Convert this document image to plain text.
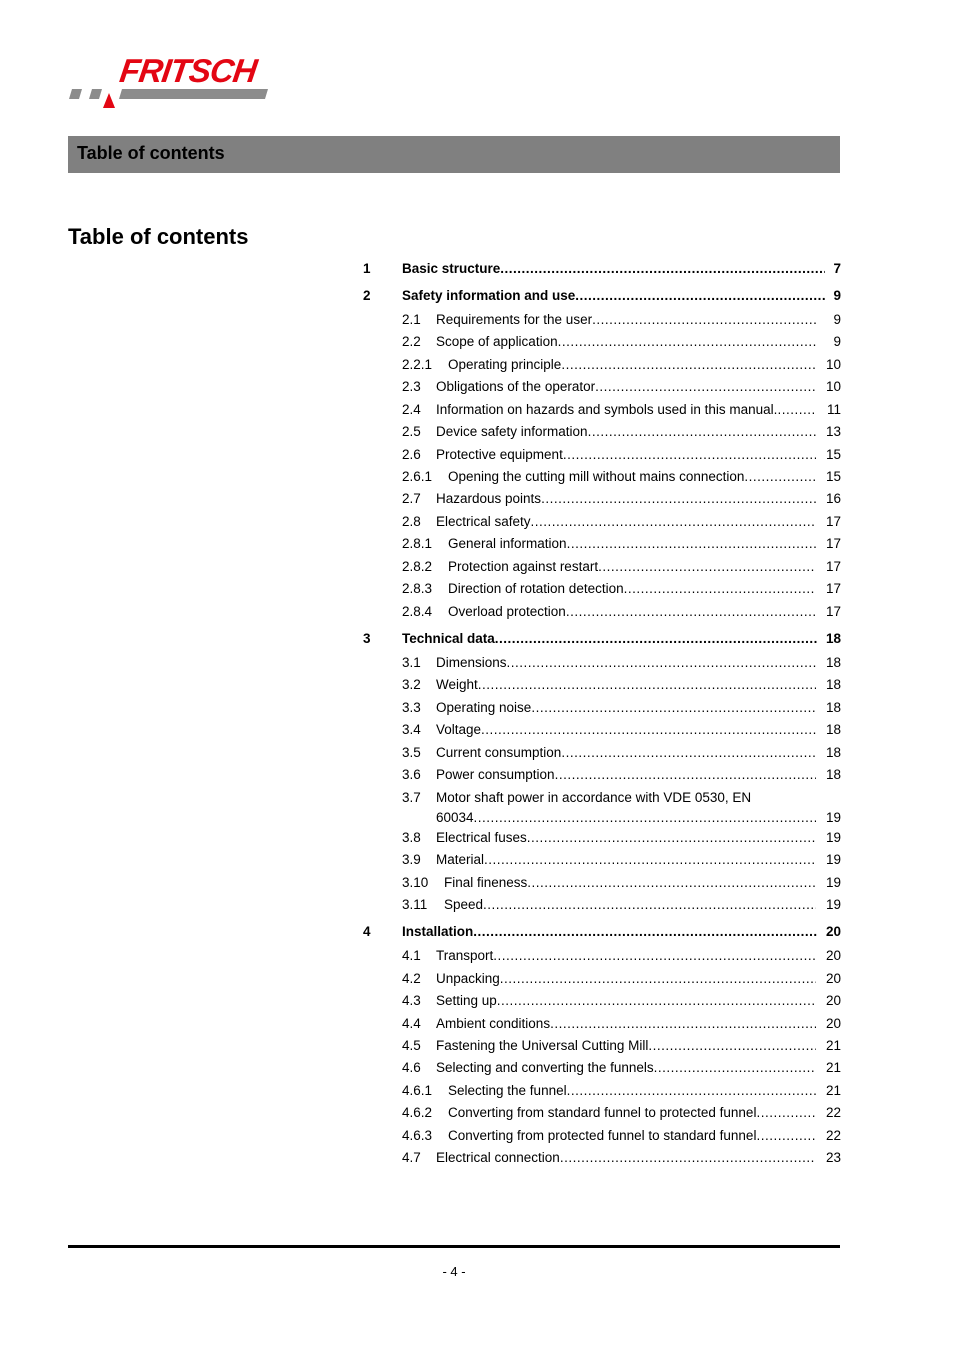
FRITSCH
Table of contents
Table of contents
1 Basic structure .....	7
2 Safety information and use .....	9
2.1 Requirements for the user .....	9
2.2 Scope of application .....	9
2.2.1 Operating principle .....	10
2.3 Obligations of the operator .....	10
2.4 Information on hazards and symbols used in this manual. .....	11
2.5 Device safety information .....	13
2.6 Protective equipment .....	15
2.6.1 Opening the cutting mill without mains connection .....	15
2.7 Hazardous points .....	16
2.8 Electrical safety .....	17
2.8.1 General information .....	17
2.8.2 Protection against restart .....	17
2.8.3 Direction of rotation detection .....	17
2.8.4 Overload protection .....	17
3 Technical data .....	18
3.1 Dimensions .....	18
3.2 Weight .....	18
3.3 Operating noise .....	18
3.4 Voltage .....	18
3.5 Current consumption .....	18
3.6 Power consumption .....	18
3.7 Motor shaft power in accordance with VDE 0530, EN
60034 .....	19
3.8 Electrical fuses .....	19
3.9 Material .....	19
3.10 Final fineness .....	19
3.11 Speed .....	19
4 Installation .....	20
4.1 Transport .....	20
4.2 Unpacking .....	20
4.3 Setting up .....	20
4.4 Ambient conditions .....	20
4.5 Fastening the Universal Cutting Mill .....	21
4.6 Selecting and converting the funnels .....	21
4.6.1 Selecting the funnel .....	21
4.6.2 Converting from standard funnel to protected funnel .....	22
4.6.3 Converting from protected funnel to standard funnel .....	22
4.7 Electrical connection .....	23
- 4 -
